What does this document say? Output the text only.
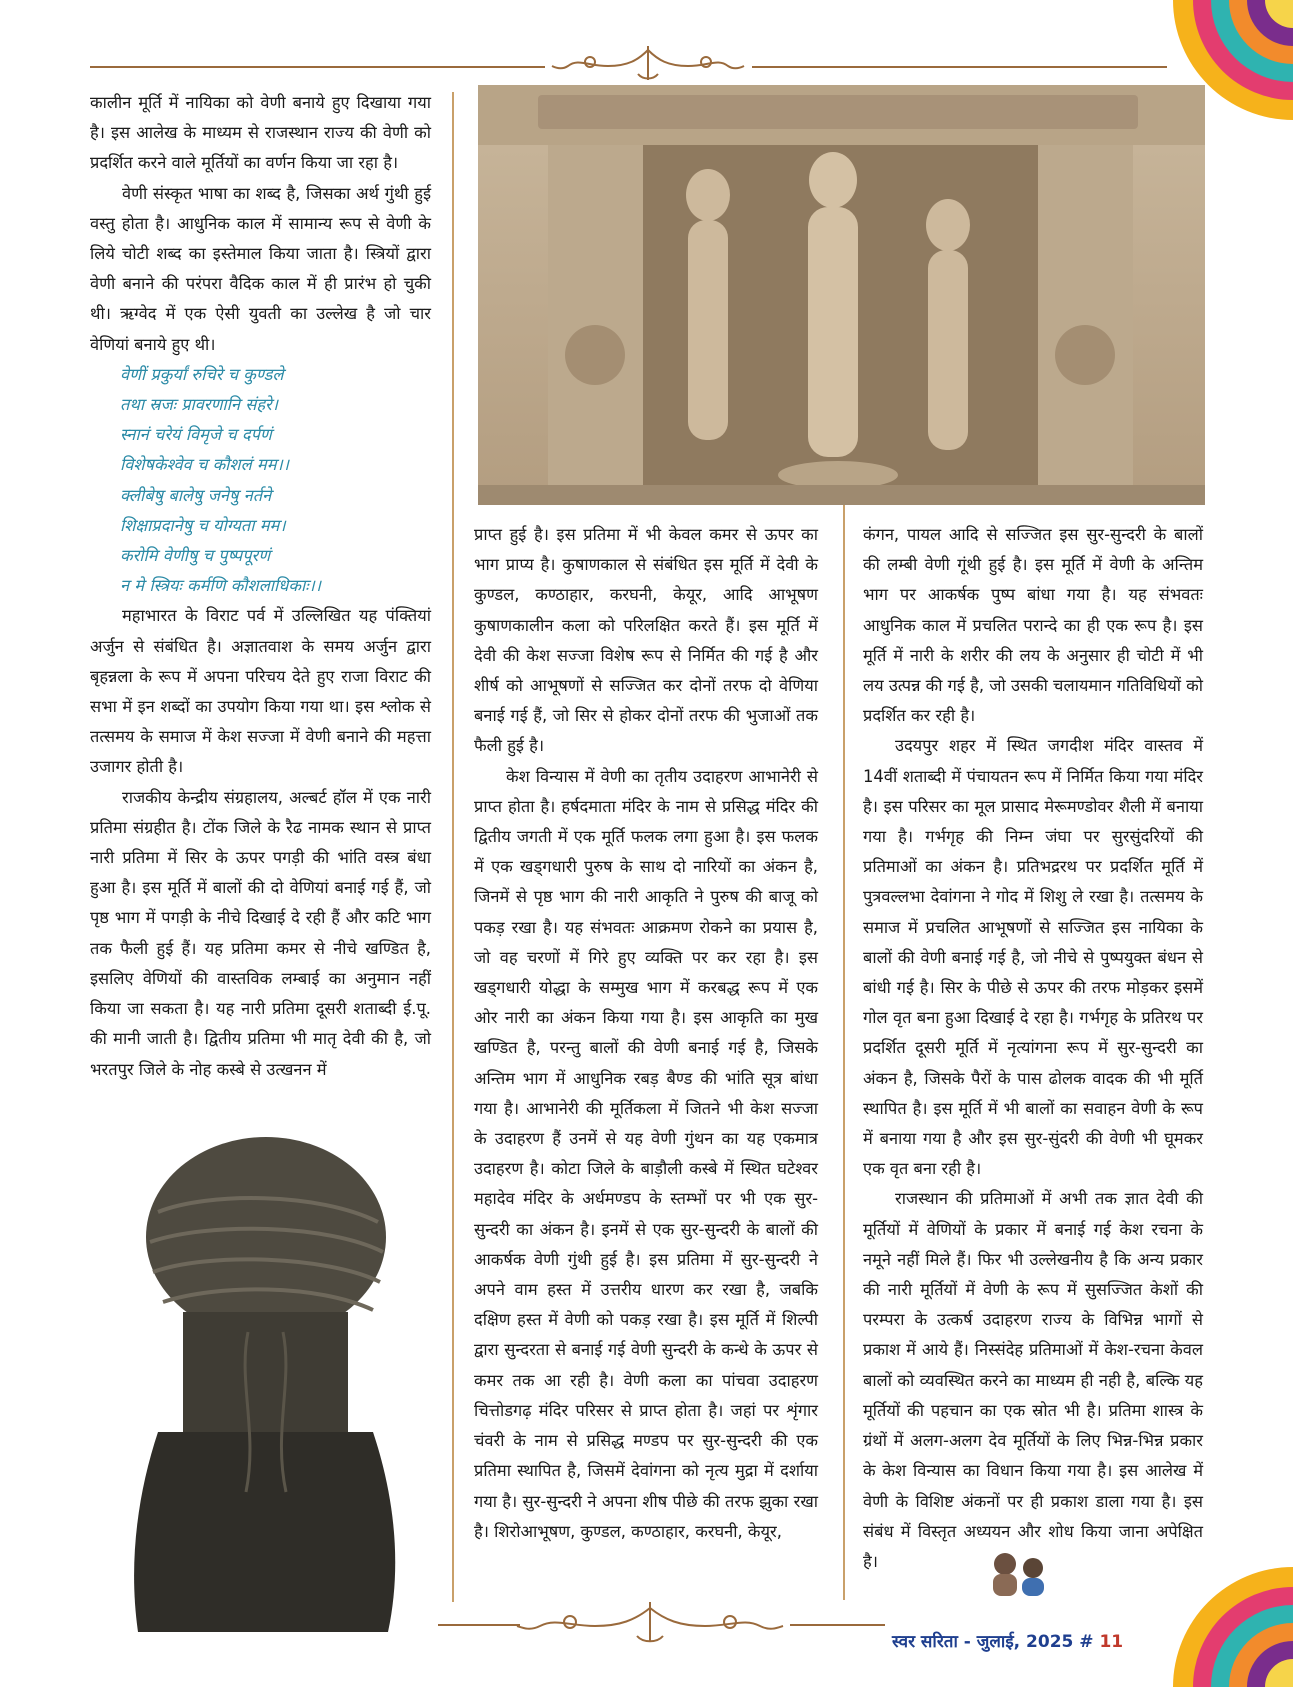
कालीन मूर्ति में नायिका को वेणी बनाये हुए दिखाया गया है। इस आलेख के माध्यम से राजस्थान राज्य की वेणी को प्रदर्शित करने वाले मूर्तियों का वर्णन किया जा रहा है।

वेणी संस्कृत भाषा का शब्द है, जिसका अर्थ गुंथी हुई वस्तु होता है। आधुनिक काल में सामान्य रूप से वेणी के लिये चोटी शब्द का इस्तेमाल किया जाता है। स्त्रियों द्वारा वेणी बनाने की परंपरा वैदिक काल में ही प्रारंभ हो चुकी थी। ऋग्वेद में एक ऐसी युवती का उल्लेख है जो चार वेणियां बनाये हुए थी।

वेणीं प्रकुर्यां रुचिरे च कुण्डले

तथा स्रजः प्रावरणानि संहरे।

स्नानं चरेयं विमृजे च दर्पणं

विशेषकेश्वेव च कौशलं मम।।

क्लीबेषु बालेषु जनेषु नर्तने

शिक्षाप्रदानेषु च योग्यता मम।

करोमि वेणीषु च पुष्पपूरणं

न मे स्त्रियः कर्मणि कौशलाधिकाः।।

महाभारत के विराट पर्व में उल्लिखित यह पंक्तियां अर्जुन से संबंधित है। अज्ञातवाश के समय अर्जुन द्वारा बृहन्नला के रूप में अपना परिचय देते हुए राजा विराट की सभा में इन शब्दों का उपयोग किया गया था। इस श्लोक से तत्समय के समाज में केश सज्जा में वेणी बनाने की महत्ता उजागर होती है।

राजकीय केन्द्रीय संग्रहालय, अल्बर्ट हॉल में एक नारी प्रतिमा संग्रहीत है। टोंक जिले के रैढ नामक स्थान से प्राप्त नारी प्रतिमा में सिर के ऊपर पगड़ी की भांति वस्त्र बंधा हुआ है। इस मूर्ति में बालों की दो वेणियां बनाई गई हैं, जो पृष्ठ भाग में पगड़ी के नीचे दिखाई दे रही हैं और कटि भाग तक फैली हुई हैं। यह प्रतिमा कमर से नीचे खण्डित है, इसलिए वेणियों की वास्तविक लम्बाई का अनुमान नहीं किया जा सकता है। यह नारी प्रतिमा दूसरी शताब्दी ई.पू. की मानी जाती है। द्वितीय प्रतिमा भी मातृ देवी की है, जो भरतपुर जिले के नोह कस्बे से उत्खनन में

प्राप्त हुई है। इस प्रतिमा में भी केवल कमर से ऊपर का भाग प्राप्य है। कुषाणकाल से संबंधित इस मूर्ति में देवी के कुण्डल, कण्ठाहार, करघनी, केयूर, आदि आभूषण कुषाणकालीन कला को परिलक्षित करते हैं। इस मूर्ति में देवी की केश सज्जा विशेष रूप से निर्मित की गई है और शीर्ष को आभूषणों से सज्जित कर दोनों तरफ दो वेणिया बनाई गई हैं, जो सिर से होकर दोनों तरफ की भुजाओं तक फैली हुई है।

केश विन्यास में वेणी का तृतीय उदाहरण आभानेरी से प्राप्त होता है। हर्षदमाता मंदिर के नाम से प्रसिद्ध मंदिर की द्वितीय जगती में एक मूर्ति फलक लगा हुआ है। इस फलक में एक खड्गधारी पुरुष के साथ दो नारियों का अंकन है, जिनमें से पृष्ठ भाग की नारी आकृति ने पुरुष की बाजू को पकड़ रखा है। यह संभवतः आक्रमण रोकने का प्रयास है, जो वह चरणों में गिरे हुए व्यक्ति पर कर रहा है। इस खड्गधारी योद्धा के सम्मुख भाग में करबद्ध रूप में एक ओर नारी का अंकन किया गया है। इस आकृति का मुख खण्डित है, परन्तु बालों की वेणी बनाई गई है, जिसके अन्तिम भाग में आधुनिक रबड़ बैण्ड की भांति सूत्र बांधा गया है। आभानेरी की मूर्तिकला में जितने भी केश सज्जा के उदाहरण हैं उनमें से यह वेणी गुंथन का यह एकमात्र उदाहरण है। कोटा जिले के बाड़ौली कस्बे में स्थित घटेश्वर महादेव मंदिर के अर्धमण्डप के स्तम्भों पर भी एक सुर-सुन्दरी का अंकन है। इनमें से एक सुर-सुन्दरी के बालों की आकर्षक वेणी गुंथी हुई है। इस प्रतिमा में सुर-सुन्दरी ने अपने वाम हस्त में उत्तरीय धारण कर रखा है, जबकि दक्षिण हस्त में वेणी को पकड़ रखा है। इस मूर्ति में शिल्पी द्वारा सुन्दरता से बनाई गई वेणी सुन्दरी के कन्धे के ऊपर से कमर तक आ रही है। वेणी कला का पांचवा उदाहरण चित्तोडगढ़ मंदिर परिसर से प्राप्त होता है। जहां पर शृंगार चंवरी के नाम से प्रसिद्ध मण्डप पर सुर-सुन्दरी की एक प्रतिमा स्थापित है, जिसमें देवांगना को नृत्य मुद्रा में दर्शाया गया है। सुर-सुन्दरी ने अपना शीष पीछे की तरफ झुका रखा है। शिरोआभूषण, कुण्डल, कण्ठाहार, करघनी, केयूर,

कंगन, पायल आदि से सज्जित इस सुर-सुन्दरी के बालों की लम्बी वेणी गूंथी हुई है। इस मूर्ति में वेणी के अन्तिम भाग पर आकर्षक पुष्प बांधा गया है। यह संभवतः आधुनिक काल में प्रचलित परान्दे का ही एक रूप है। इस मूर्ति में नारी के शरीर की लय के अनुसार ही चोटी में भी लय उत्पन्न की गई है, जो उसकी चलायमान गतिविधियों को प्रदर्शित कर रही है।

उदयपुर शहर में स्थित जगदीश मंदिर वास्तव में 14वीं शताब्दी में पंचायतन रूप में निर्मित किया गया मंदिर है। इस परिसर का मूल प्रासाद मेरूमण्डोवर शैली में बनाया गया है। गर्भगृह की निम्न जंघा पर सुरसुंदरियों की प्रतिमाओं का अंकन है। प्रतिभद्ररथ पर प्रदर्शित मूर्ति में पुत्रवल्लभा देवांगना ने गोद में शिशु ले रखा है। तत्समय के समाज में प्रचलित आभूषणों से सज्जित इस नायिका के बालों की वेणी बनाई गई है, जो नीचे से पुष्पयुक्त बंधन से बांधी गई है। सिर के पीछे से ऊपर की तरफ मोड़कर इसमें गोल वृत बना हुआ दिखाई दे रहा है। गर्भगृह के प्रतिरथ पर प्रदर्शित दूसरी मूर्ति में नृत्यांगना रूप में सुर-सुन्दरी का अंकन है, जिसके पैरों के पास ढोलक वादक की भी मूर्ति स्थापित है। इस मूर्ति में भी बालों का सवाहन वेणी के रूप में बनाया गया है और इस सुर-सुंदरी की वेणी भी घूमकर एक वृत बना रही है।

राजस्थान की प्रतिमाओं में अभी तक ज्ञात देवी की मूर्तियों में वेणियों के प्रकार में बनाई गई केश रचना के नमूने नहीं मिले हैं। फिर भी उल्लेखनीय है कि अन्य प्रकार की नारी मूर्तियों में वेणी के रूप में सुसज्जित केशों की परम्परा के उत्कर्ष उदाहरण राज्य के विभिन्न भागों से प्रकाश में आये हैं। निस्संदेह प्रतिमाओं में केश-रचना केवल बालों को व्यवस्थित करने का माध्यम ही नही है, बल्कि यह मूर्तियों की पहचान का एक स्रोत भी है। प्रतिमा शास्त्र के ग्रंथों में अलग-अलग देव मूर्तियों के लिए भिन्न-भिन्न प्रकार के केश विन्यास का विधान किया गया है। इस आलेख में वेणी के विशिष्ट अंकनों पर ही प्रकाश डाला गया है। इस संबंध में विस्तृत अध्ययन और शोध किया जाना अपेक्षित है।

स्वर सरिता - जुलाई, 2025 # 11
